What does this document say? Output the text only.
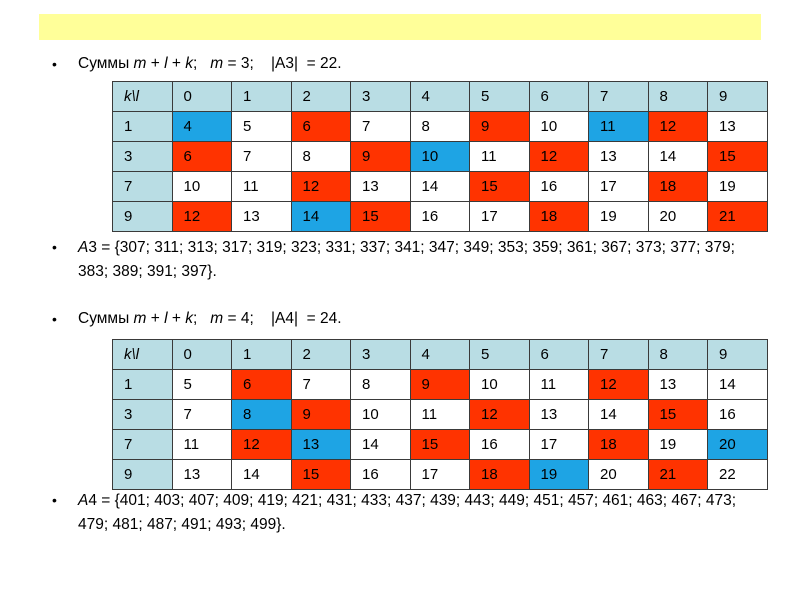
•	Суммы m + l + k;   m = 3;    |A3|  = 22.
k\l	0	1	2	3	4	5	6	7	8	9
1	4	5	6	7	8	9	10	11	12	13
3	6	7	8	9	10	11	12	13	14	15
7	10	11	12	13	14	15	16	17	18	19
9	12	13	14	15	16	17	18	19	20	21
•	A3 = {307; 311; 313; 317; 319; 323; 331; 337; 341; 347; 349; 353; 359; 361; 367; 373; 377; 379; 383; 389; 391; 397}.
•	Суммы m + l + k;   m = 4;    |A4|  = 24.
k\l	0	1	2	3	4	5	6	7	8	9
1	5	6	7	8	9	10	11	12	13	14
3	7	8	9	10	11	12	13	14	15	16
7	11	12	13	14	15	16	17	18	19	20
9	13	14	15	16	17	18	19	20	21	22
•	A4 = {401; 403; 407; 409; 419; 421; 431; 433; 437; 439; 443; 449; 451; 457; 461; 463; 467; 473; 479; 481; 487; 491; 493; 499}.
